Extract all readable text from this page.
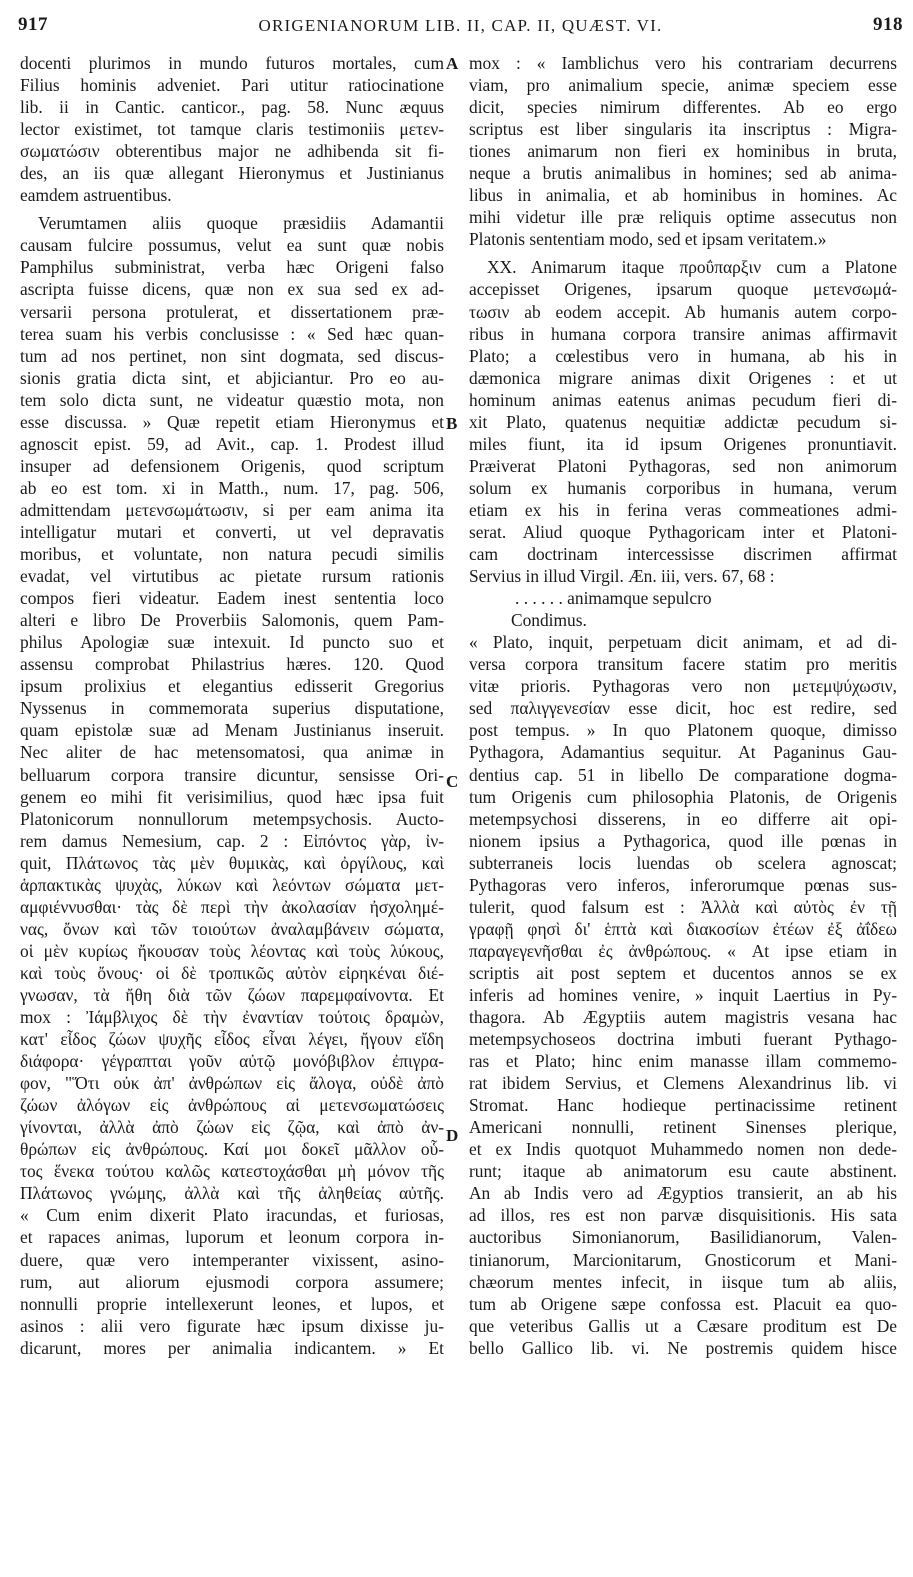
917	ORIGENIANORUM LIB. II, CAP. II, QUÆST. VI.	918
docenti plurimos in mundo futuros mortales, cum
Filius hominis adveniet. Pari utitur ratiocinatione
lib. ii in Cantic. canticor., pag. 58. Nunc æquus
lector existimet, tot tamque claris testimoniis μετεν-
σωματώσιν obterentibus major ne adhibenda sit fi-
des, an iis quæ allegant Hieronymus et Justinianus
eamdem astruentibus.
Verumtamen aliis quoque præsidiis Adamantii
causam fulcire possumus, velut ea sunt quæ nobis
Pamphilus subministrat, verba hæc Origeni falso
ascripta fuisse dicens, quæ non ex sua sed ex ad-
versarii persona protulerat, et dissertationem præ-
terea suam his verbis conclusisse : « Sed hæc quan-
tum ad nos pertinet, non sint dogmata, sed discus-
sionis gratia dicta sint, et abjiciantur. Pro eo au-
tem solo dicta sunt, ne videatur quæstio mota, non
esse discussa. » Quæ repetit etiam Hieronymus et
agnoscit epist. 59, ad Avit., cap. 1. Prodest illud
insuper ad defensionem Origenis, quod scriptum
ab eo est tom. xi in Matth., num. 17, pag. 506,
admittendam μετενσωμάτωσιν, si per eam anima ita
intelligatur mutari et converti, ut vel depravatis
moribus, et voluntate, non natura pecudi similis
evadat, vel virtutibus ac pietate rursum rationis
compos fieri videatur. Eadem inest sententia loco
alteri e libro De Proverbiis Salomonis, quem Pam-
philus Apologiæ suæ intexuit. Id puncto suo et
assensu comprobat Philastrius hæres. 120. Quod
ipsum prolixius et elegantius edisserit Gregorius
Nyssenus in commemorata superius disputatione,
quam epistolæ suæ ad Menam Justinianus inseruit.
Nec aliter de hac metensomatosi, qua animæ in
belluarum corpora transire dicuntur, sensisse Ori-
genem eo mihi fit verisimilius, quod hæc ipsa fuit
Platonicorum nonnullorum metempsychosis. Aucto-
rem damus Nemesium, cap. 2 : Εἰπόντος γὰρ, ἰν-
quit, Πλάτωνος τὰς μὲν θυμικὰς, καὶ ὀργίλους, καὶ
ἁρπακτικὰς ψυχὰς, λύκων καὶ λεόντων σώματα μετ-
αμφιέννυσθαι· τὰς δὲ περὶ τὴν ἀκολασίαν ἠσχολημέ-
νας, ὄνων καὶ τῶν τοιούτων ἀναλαμβάνειν σώματα,
οἱ μὲν κυρίως ἤκουσαν τοὺς λέοντας καὶ τοὺς λύκους,
καὶ τοὺς ὄνους· οἱ δὲ τροπικῶς αὐτὸν εἰρηκέναι διέ-
γνωσαν, τὰ ἤθη διὰ τῶν ζώων παρεμφαίνοντα. Et
mox : Ἰάμβλιχος δὲ τὴν ἐναντίαν τούτοις δραμὼν,
κατ' εἶδος ζώων ψυχῆς εἶδος εἶναι λέγει, ἤγουν εἴδη
διάφορα· γέγραπται γοῦν αὐτῷ μονόβιβλον ἐπιγρα-
φον, "Ὅτι οὐκ ἀπ' ἀνθρώπων εἰς ἄλογα, οὐδὲ ἀπὸ
ζώων ἀλόγων εἰς ἀνθρώπους αἱ μετενσωματώσεις
γίνονται, ἀλλὰ ἀπὸ ζώων εἰς ζῷα, καὶ ἀπὸ ἀν-
θρώπων εἰς ἀνθρώπους. Καί μοι δοκεῖ μᾶλλον οὗ-
τος ἕνεκα τούτου καλῶς κατεστοχάσθαι μὴ μόνον τῆς
Πλάτωνος γνώμης, ἀλλὰ καὶ τῆς ἀληθείας αὐτῆς.
« Cum enim dixerit Plato iracundas, et furiosas,
et rapaces animas, luporum et leonum corpora in-
duere, quæ vero intemperanter vixissent, asino-
rum, aut aliorum ejusmodi corpora assumere;
nonnulli proprie intellexerunt leones, et lupos, et
asinos : alii vero figurate hæc ipsum dixisse ju-
dicarunt, mores per animalia indicantem. » Et
A
B
C
D
mox : « Iamblichus vero his contrariam decurrens
viam, pro animalium specie, animæ speciem esse
dicit, species nimirum differentes. Ab eo ergo
scriptus est liber singularis ita inscriptus : Migra-
tiones animarum non fieri ex hominibus in bruta,
neque a brutis animalibus in homines; sed ab anima-
libus in animalia, et ab hominibus in homines. Ac
mihi videtur ille præ reliquis optime assecutus non
Platonis sententiam modo, sed et ipsam veritatem.»
XX. Animarum itaque προΰπαρξιν cum a Platone
accepisset Origenes, ipsarum quoque μετενσωμά-
τωσιν ab eodem accepit. Ab humanis autem corpo-
ribus in humana corpora transire animas affirmavit
Plato; a cœlestibus vero in humana, ab his in
dæmonica migrare animas dixit Origenes : et ut
hominum animas eatenus animas pecudum fieri di-
xit Plato, quatenus nequitiæ addictæ pecudum si-
miles fiunt, ita id ipsum Origenes pronuntiavit.
Præiverat Platoni Pythagoras, sed non animorum
solum ex humanis corporibus in humana, verum
etiam ex his in ferina veras commeationes admi-
serat. Aliud quoque Pythagoricam inter et Platoni-
cam doctrinam intercessisse discrimen affirmat
Servius in illud Virgil. Æn. iii, vers. 67, 68 :
. . . . . . animamque sepulcro
Condimus.
« Plato, inquit, perpetuam dicit animam, et ad di-
versa corpora transitum facere statim pro meritis
vitæ prioris. Pythagoras vero non μετεμψύχωσιν,
sed παλιγγενεσίαν esse dicit, hoc est redire, sed
post tempus. » In quo Platonem quoque, dimisso
Pythagora, Adamantius sequitur. At Paganinus Gau-
dentius cap. 51 in libello De comparatione dogma-
tum Origenis cum philosophia Platonis, de Origenis
metempsychosi disserens, in eo differre ait opi-
nionem ipsius a Pythagorica, quod ille pœnas in
subterraneis locis luendas ob scelera agnoscat;
Pythagoras vero inferos, inferorumque pœnas sus-
tulerit, quod falsum est : Ἀλλὰ καὶ αὐτὸς ἐν τῇ
γραφῇ φησὶ δι' ἑπτὰ καὶ διακοσίων ἐτέων ἐξ ἀΐδεω
παραγεγενῆσθαι ἐς ἀνθρώπους. « At ipse etiam in
scriptis ait post septem et ducentos annos se ex
inferis ad homines venire, » inquit Laertius in Py-
thagora. Ab Ægyptiis autem magistris vesana hac
metempsychoseos doctrina imbuti fuerant Pythago-
ras et Plato; hinc enim manasse illam commemo-
rat ibidem Servius, et Clemens Alexandrinus lib. vi
Stromat. Hanc hodieque pertinacissime retinent
Americani nonnulli, retinent Sinenses plerique,
et ex Indis quotquot Muhammedo nomen non dede-
runt; itaque ab animatorum esu caute abstinent.
An ab Indis vero ad Ægyptios transierit, an ab his
ad illos, res est non parvæ disquisitionis. His sata
auctoribus Simonianorum, Basilidianorum, Valen-
tinianorum, Marcionitarum, Gnosticorum et Mani-
chæorum mentes infecit, in iisque tum ab aliis,
tum ab Origene sæpe confossa est. Placuit ea quo-
que veteribus Gallis ut a Cæsare proditum est De
bello Gallico lib. vi. Ne postremis quidem hisce
